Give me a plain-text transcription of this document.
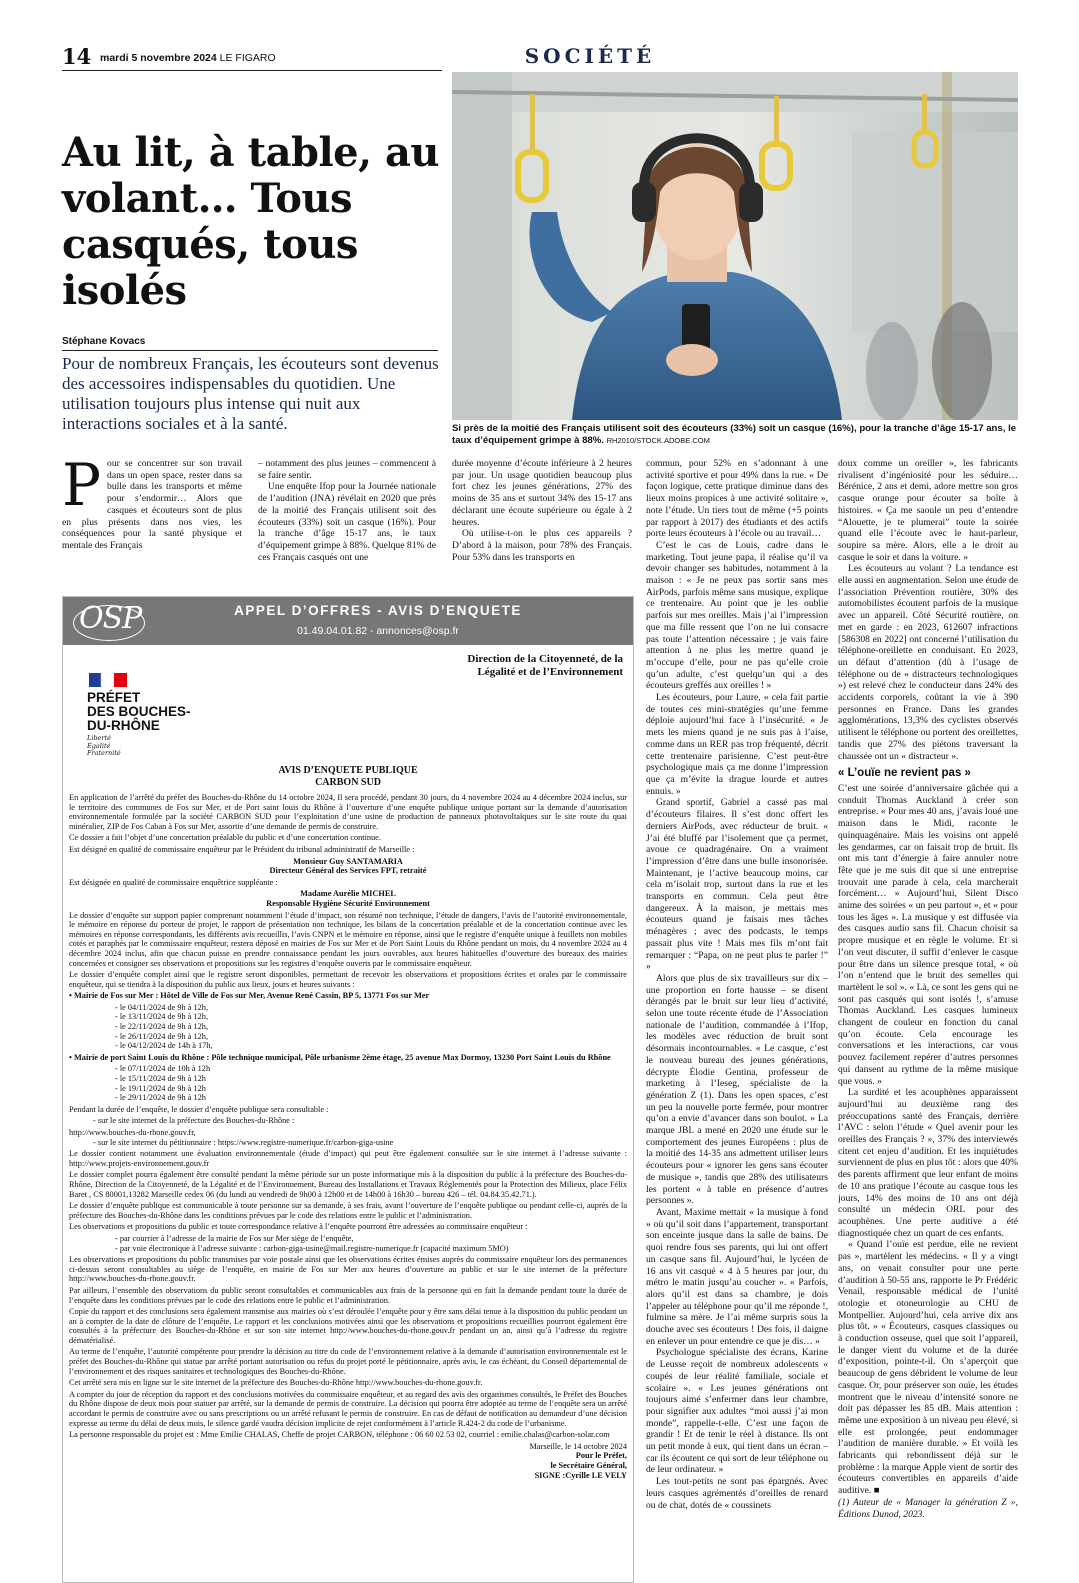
14 mardi 5 novembre 2024 LE FIGARO	SOCIÉTÉ
Si près de la moitié des Français utilisent soit des écouteurs (33%) soit un casque (16%), pour la tranche d’âge 15-17 ans, le taux d’équipement grimpe à 88%. RH2010/STOCK.ADOBE.COM
Au lit, à table, au volant… Tous casqués, tous isolés
Stéphane Kovacs
Pour de nombreux Français, les écouteurs sont devenus des accessoires indispensables du quotidien. Une utilisation toujours plus intense qui nuit aux interactions sociales et à la santé.
P our se concentrer sur son travail dans un open space, rester dans sa bulle dans les transports et même pour s’endormir… Alors que casques et écouteurs sont de plus en plus présents dans nos vies, les conséquences pour la santé physique et mentale des Français

– notamment des plus jeunes – commencent à se faire sentir.

Une enquête Ifop pour la Journée nationale de l’audition (JNA) révélait en 2020 que près de la moitié des Français utilisent soit des écouteurs (33%) soit un casque (16%). Pour la tranche d’âge 15-17 ans, le taux d’équipement grimpe à 88%. Quelque 81% de ces Français casqués ont une

durée moyenne d’écoute inférieure à 2 heures par jour. Un usage quotidien beaucoup plus fort chez les jeunes générations, 27% des moins de 35 ans et surtout 34% des 15-17 ans déclarant une écoute supérieure ou égale à 2 heures.

Où utilise-t-on le plus ces appareils ? D’abord à la maison, pour 78% des Français. Pour 53% dans les transports en

commun, pour 52% en s’adonnant à une activité sportive et pour 49% dans la rue. « De façon logique, cette pratique diminue dans des lieux moins propices à une activité solitaire », note l’étude. Un tiers tout de même (+5 points par rapport à 2017) des étudiants et des actifs porte leurs écouteurs à l’école ou au travail…

C’est le cas de Louis, cadre dans le marketing. Tout jeune papa, il réalise qu’il va devoir changer ses habitudes, notamment à la maison : « Je ne peux pas sortir sans mes AirPods, parfois même sans musique, explique ce trentenaire. Au point que je les oublie parfois sur mes oreilles. Mais j’ai l’impression que ma fille ressent que l’on ne lui consacre pas toute l’attention nécessaire ; je vais faire attention à ne plus les mettre quand je m’occupe d’elle, pour ne pas qu’elle croie qu’un adulte, c’est quelqu’un qui a des écouteurs greffés aux oreilles ! »

Les écouteurs, pour Laure, « cela fait partie de toutes ces mini-stratégies qu’une femme déploie aujourd’hui face à l’insécurité. « Je mets les miens quand je ne suis pas à l’aise, comme dans un RER pas trop fréquenté, décrit cette trentenaire parisienne. C’est peut-être psychologique mais ça me donne l’impression que ça m’évite la drague lourde et autres ennuis. »

Grand sportif, Gabriel a cassé pas mal d’écouteurs filaires. Il s’est donc offert les derniers AirPods, avec réducteur de bruit. « J’ai été bluffé par l’isolement que ça permet, avoue ce quadragénaire. On a vraiment l’impression d’être dans une bulle insonorisée. Maintenant, je l’active beaucoup moins, car cela m’isolait trop, surtout dans la rue et les transports en commun. Cela peut être dangereux. À la maison, je mettais mes écouteurs quand je faisais mes tâches ménagères ; avec des podcasts, le temps passait plus vite ! Mais mes fils m’ont fait remarquer : “Papa, on ne peut plus te parler !” »

Alors que plus de six travailleurs sur dix – une proportion en forte hausse – se disent dérangés par le bruit sur leur lieu d’activité, selon une toute récente étude de l’Association nationale de l’audition, commandée à l’Ifop, les modèles avec réduction de bruit sont désormais incontournables. « Le casque, c’est le nouveau bureau des jeunes générations, décrypte Élodie Gentina, professeur de marketing à l’Ieseg, spécialiste de la génération Z (1). Dans les open spaces, c’est un peu la nouvelle porte fermée, pour montrer qu’on a envie d’avancer dans son boulot. » La marque JBL a mené en 2020 une étude sur le comportement des jeunes Européens : plus de la moitié des 14-35 ans admettent utiliser leurs écouteurs pour « ignorer les gens sans écouter de musique », tandis que 28% des utilisateurs les portent « à table en présence d’autres personnes ».

Avant, Maxime mettait « la musique à fond » où qu’il soit dans l’appartement, transportant son enceinte jusque dans la salle de bains. De quoi rendre fous ses parents, qui lui ont offert un casque sans fil. Aujourd’hui, le lycéen de 16 ans vit casqué « 4 à 5 heures par jour, du métro le matin jusqu’au coucher ». « Parfois, alors qu’il est dans sa chambre, je dois l’appeler au téléphone pour qu’il me réponde !, fulmine sa mère. Je l’ai même surpris sous la douche avec ses écouteurs ! Des fois, il daigne en enlever un pour entendre ce que je dis… »

Psychologue spécialiste des écrans, Karine de Leusse reçoit de nombreux adolescents « coupés de leur réalité familiale, sociale et scolaire ». « Les jeunes générations ont toujours aimé s’enfermer dans leur chambre, pour signifier aux adultes “moi aussi j’ai mon monde”, rappelle-t-elle. C’est une façon de grandir ! Et de tenir le réel à distance. Ils ont un petit monde à eux, qui tient dans un écran – car ils écoutent ce qui sort de leur téléphone ou de leur ordinateur. »

Les tout-petits ne sont pas épargnés. Avec leurs casques agrémentés d’oreilles de renard ou de chat, dotés de « coussinets

doux comme un oreiller », les fabricants rivalisent d’ingéniosité pour les séduire… Bérénice, 2 ans et demi, adore mettre son gros casque orange pour écouter sa boîte à histoires. « Ça me saoule un peu d’entendre “Alouette, je te plumerai” toute la soirée quand elle l’écoute avec le haut-parleur, soupire sa mère. Alors, elle a le droit au casque le soir et dans la voiture. »

Les écouteurs au volant ? La tendance est elle aussi en augmentation. Selon une étude de l’association Prévention routière, 30% des automobilistes écoutent parfois de la musique avec un appareil. Côté Sécurité routière, on met en garde : en 2023, 612607 infractions [586308 en 2022] ont concerné l’utilisation du téléphone-oreillette en conduisant. En 2023, un défaut d’attention (dû à l’usage de téléphone ou de « distracteurs technologiques ») est relevé chez le conducteur dans 24% des accidents corporels, coûtant la vie à 390 personnes en France. Dans les grandes agglomérations, 13,3% des cyclistes observés utilisent le téléphone ou portent des oreillettes, tandis que 27% des piétons traversant la chaussée ont un « distracteur ».

« L’ouïe ne revient pas »

C’est une soirée d’anniversaire gâchée qui a conduit Thomas Auckland à créer son entreprise. « Pour mes 40 ans, j’avais loué une maison dans le Midi, raconte le quinquagénaire. Mais les voisins ont appelé les gendarmes, car on faisait trop de bruit. Ils ont mis tant d’énergie à faire annuler notre fête que je me suis dit que si une entreprise trouvait une parade à cela, cela marcherait forcément… » Aujourd’hui, Silent Disco anime des soirées « un peu partout », et « pour tous les âges ». La musique y est diffusée via des casques audio sans fil. Chacun choisit sa propre musique et en règle le volume. Et si l’on veut discuter, il suffit d’enlever le casque pour être dans un silence presque total, « où l’on n’entend que le bruit des semelles qui martèlent le sol ». « Là, ce sont les gens qui ne sont pas casqués qui sont isolés !, s’amuse Thomas Auckland. Les casques lumineux changent de couleur en fonction du canal qu’on écoute. Cela encourage les conversations et les interactions, car vous pouvez facilement repérer d’autres personnes qui dansent au rythme de la même musique que vous. »

La surdité et les acouphènes apparaissent aujourd’hui au deuxième rang des préoccupations santé des Français, derrière l’AVC : selon l’étude « Quel avenir pour les oreilles des Français ? », 37% des interviewés citent cet enjeu d’audition. Et les inquiétudes surviennent de plus en plus tôt : alors que 40% des parents affirment que leur enfant de moins de 10 ans pratique l’écoute au casque tous les jours, 14% des moins de 10 ans ont déjà consulté un médecin ORL pour des acouphènes. Une perte auditive a été diagnostiquée chez un quart de ces enfants.

« Quand l’ouïe est perdue, elle ne revient pas », martèlent les médecins. « Il y a vingt ans, on venait consulter pour une perte d’audition à 50-55 ans, rapporte le Pr Frédéric Venail, responsable médical de l’unité otologie et otoneurologie au CHU de Montpellier. Aujourd’hui, cela arrive dix ans plus tôt. » « Écouteurs, casques classiques ou à conduction osseuse, quel que soit l’appareil, le danger vient du volume et de la durée d’exposition, pointe-t-il. On s’aperçoit que beaucoup de gens débrident le volume de leur casque. Or, pour préserver son ouïe, les études montrent que le niveau d’intensité sonore ne doit pas dépasser les 85 dB. Mais attention : même une exposition à un niveau peu élevé, si elle est prolongée, peut endommager l’audition de manière durable. » Et voilà les fabricants qui rebondissent déjà sur le problème : la marque Apple vient de sortir des écouteurs convertibles en appareils d’aide auditive. ■

(1) Auteur de « Manager la génération Z », Éditions Dunod, 2023.

OSP	APPEL D’OFFRES - AVIS D’ENQUETE
01.49.04.01.82 - annonces@osp.fr
PRÉFET
DES BOUCHES-
DU-RHÔNE
Liberté
Égalité
Fraternité
Direction de la Citoyenneté, de la Légalité et de l’Environnement
AVIS D’ENQUETE PUBLIQUE
CARBON SUD

En application de l’arrêté du préfet des Bouches-du-Rhône du 14 octobre 2024, Il sera procédé, pendant 30 jours, du 4 novembre 2024 au 4 décembre 2024 inclus, sur le territoire des communes de Fos sur Mer, et de Port saint louis du Rhône à l’ouverture d’une enquête publique unique portant sur la demande d’autorisation environnementale formulée par la société CARBON SUD pour l’exploitation d’une usine de production de panneaux photovoltaïques sur le site route du quai minéralier, ZIP de Fos Caban à Fos sur Mer, assortie d’une demande de permis de construire.

Ce dossier a fait l’objet d’une concertation préalable du public et d’une concertation continue.

Est désigné en qualité de commissaire enquêteur par le Président du tribunal administratif de Marseille :

Monsieur Guy SANTAMARIA

Directeur Général des Services FPT, retraité

Est désignée en qualité de commissaire enquêtrice suppléante :

Madame Aurélie MICHEL

Responsable Hygiène Sécurité Environnement

Le dossier d’enquête sur support papier comprenant notamment l’étude d’impact, son résumé non technique, l’étude de dangers, l’avis de l’autorité environnementale, le mémoire en réponse du porteur de projet, le rapport de présentation non technique, les bilans de la concertation préalable et de la concertation continue avec les mémoires en réponse correspondants, les différents avis recueillis, l’avis CNPN et le mémoire en réponse, ainsi que le registre d’enquête unique à feuillets non mobiles cotés et paraphés par le commissaire enquêteur, restera déposé en mairies de Fos sur Mer et de Port Saint Louis du Rhône pendant un mois, du 4 novembre 2024 au 4 décembre 2024 inclus, afin que chacun puisse en prendre connaissance pendant les jours ouvrables, aux heures habituelles d’ouverture des bureaux des mairies concernées et consigner ses observations et propositions sur les registres d’enquête ouverts par le commissaire enquêteur.

Le dossier d’enquête complet ainsi que le registre seront disponibles, permettant de recevoir les observations et propositions écrites et orales par le commissaire enquêteur, qui se tiendra à la disposition du public aux lieux, jours et heures suivants :

• Mairie de Fos sur Mer : Hôtel de Ville de Fos sur Mer, Avenue René Cassin, BP 5, 13771 Fos sur Mer

- le 04/11/2024 de 9h à 12h,

- le 13/11/2024 de 9h à 12h,

- le 22/11/2024 de 9h à 12h,

- le 26/11/2024 de 9h à 12h,

- le 04/12/2024 de 14h à 17h,

• Mairie de port Saint Louis du Rhône : Pôle technique municipal, Pôle urbanisme 2ème étage, 25 avenue Max Dormoy, 13230 Port Saint Louis du Rhône

- le 07/11/2024 de 10h à 12h

- le 15/11/2024 de 9h à 12h

- le 19/11/2024 de 9h à 12h

- le 29/11/2024 de 9h à 12h

Pendant la durée de l’enquête, le dossier d’enquête publique sera consultable :

- sur le site internet de la préfecture des Bouches-du-Rhône :

http://www.bouches-du-rhone.gouv.fr,

- sur le site internet du pétitionnaire : https://www.registre-numerique.fr/carbon-giga-usine

Le dossier contient notamment une évaluation environnementale (étude d’impact) qui peut être également consultée sur le site internet à l’adresse suivante : http://www.projets-environnement.gouv.fr

Le dossier complet pourra également être consulté pendant la même période sur un poste informatique mis à la disposition du public à la préfecture des Bouches-du-Rhône, Direction de la Citoyenneté, de la Légalité et de l’Environnement, Bureau des Installations et Travaux Réglementés pour la Protection des Milieux, place Félix Baret , CS 80001,13282 Marseille cedex 06 (du lundi au vendredi de 9h00 à 12h00 et de 14h00 à 16h30 – bureau 426 – tél. 04.84.35.42.71.).

Le dossier d’enquête publique est communicable à toute personne sur sa demande, à ses frais, avant l’ouverture de l’enquête publique ou pendant celle-ci, auprès de la préfecture des Bouches-du-Rhône dans les conditions prévues par le code des relations entre le public et l’administration.

Les observations et propositions du public et toute correspondance relative à l’enquête pourront être adressées au commissaire enquêteur :

- par courrier à l’adresse de la mairie de Fos sur Mer siège de l’enquête,

- par voie électronique à l’adresse suivante : carbon-giga-usine@mail.registre-numerique.fr (capacité maximum 5MO)

Les observations et propositions du public transmises par voie postale ainsi que les observations écrites émises auprès du commissaire enquêteur lors des permanences ci-dessus seront consultables au siège de l’enquête, en mairie de Fos sur Mer aux heures d’ouverture au public et sur le site internet de la préfecture http://www.bouches-du-rhone.gouv.fr.

Par ailleurs, l’ensemble des observations du public seront consultables et communicables aux frais de la personne qui en fait la demande pendant toute la durée de l’enquête dans les conditions prévues par le code des relations entre le public et l’administration.

Copie du rapport et des conclusions sera également transmise aux mairies où s’est déroulée l’enquête pour y être sans délai tenue à la disposition du public pendant un an à compter de la date de clôture de l’enquête. Le rapport et les conclusions motivées ainsi que les observations et propositions recueillies pourront également être consultés à la préfecture des Bouches-du-Rhône et sur son site internet http://www.bouches-du-rhone.gouv.fr pendant un an, ainsi qu’à l’adresse du registre dématérialisé.

Au terme de l’enquête, l’autorité compétente pour prendre la décision au titre du code de l’environnement relative à la demande d’autorisation environnementale est le préfet des Bouches-du-Rhône qui statue par arrêté portant autorisation ou refus du projet porté le pétitionnaire, après avis, le cas échéant, du Conseil départemental de l’environnement et des risques sanitaires et technologiques des Bouches-du-Rhône.

Cet arrêté sera mis en ligne sur le site internet de la préfecture des Bouches-du-Rhône http://www.bouches-du-rhone.gouv.fr.

A compter du jour de réception du rapport et des conclusions motivées du commissaire enquêteur, et au regard des avis des organismes consultés, le Préfet des Bouches du Rhône dispose de deux mois pour statuer par arrêté, sur la demande de permis de construire. La décision qui pourra être adoptée au terme de l’enquête sera un arrêté accordant le permis de construire avec ou sans prescriptions ou un arrêté refusant le permis de construire. En cas de défaut de notification au demandeur d’une décision expresse au terme du délai de deux mois, le silence gardé vaudra décision implicite de rejet conformément à l’article R.424-2 du code de l’urbanisme.

La personne responsable du projet est : Mme Emilie CHALAS, Cheffe de projet CARBON, téléphone : 06 60 02 53 02, courriel : emilie.chalas@carbon-solar.com

Marseille, le 14 octobre 2024

Pour le Préfet,

le Secrétaire Général,

SIGNE :Cyrille LE VELY
